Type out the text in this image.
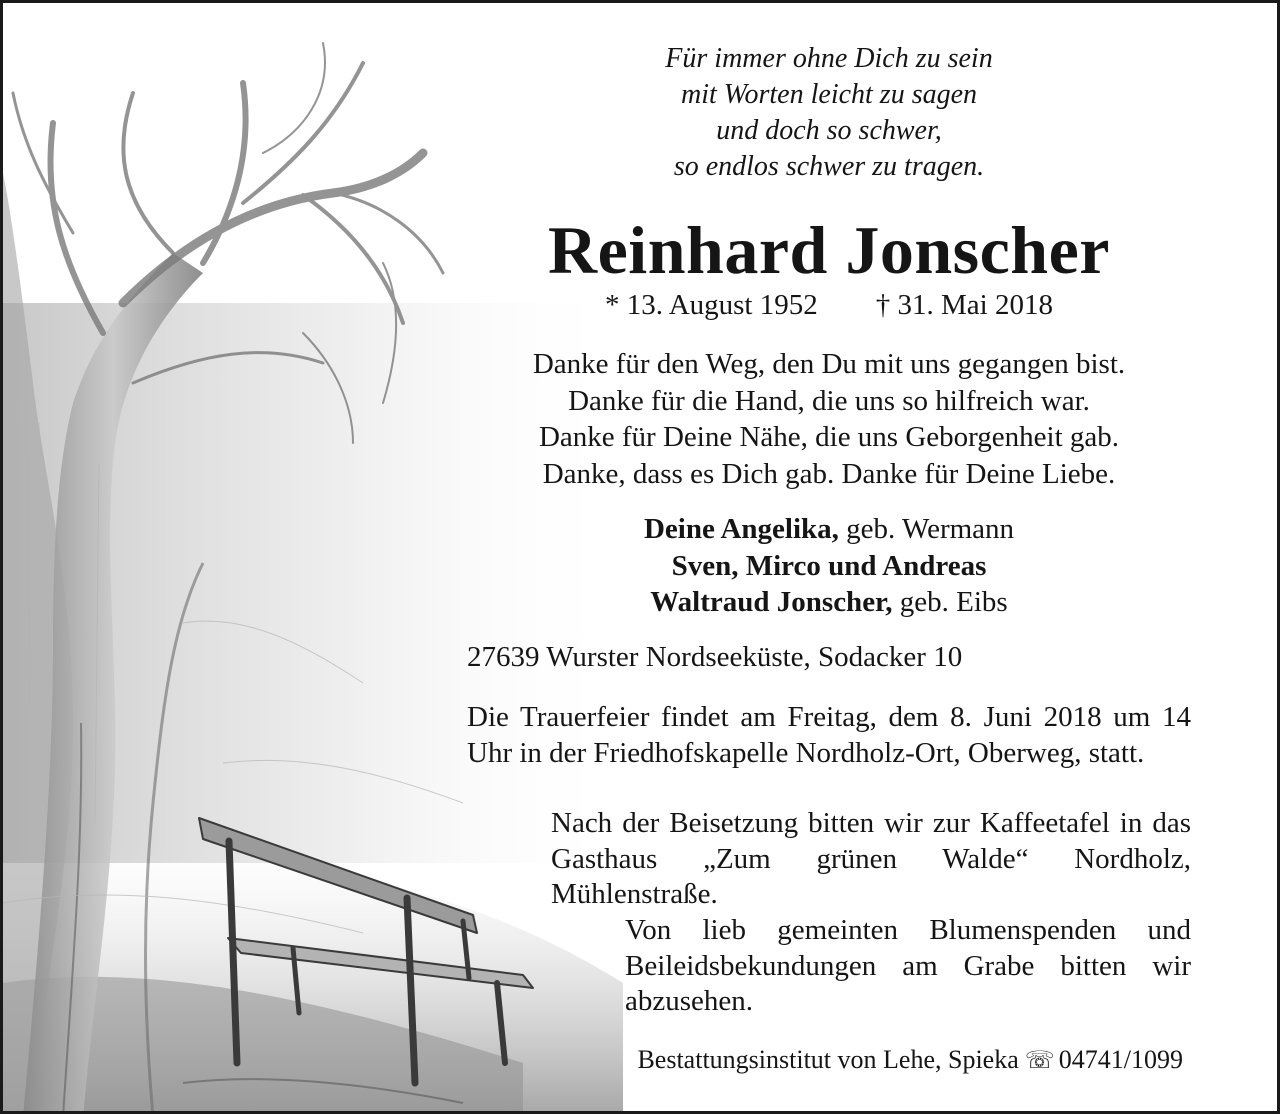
Für immer ohne Dich zu sein
mit Worten leicht zu sagen
und doch so schwer,
so endlos schwer zu tragen.
Reinhard Jonscher
* 13. August 1952 † 31. Mai 2018
Danke für den Weg, den Du mit uns gegangen bist.
Danke für die Hand, die uns so hilfreich war.
Danke für Deine Nähe, die uns Geborgenheit gab.
Danke, dass es Dich gab. Danke für Deine Liebe.
Deine Angelika, geb. Wermann
Sven, Mirco und Andreas
Waltraud Jonscher, geb. Eibs
27639 Wurster Nordseeküste, Sodacker 10
Die Trauerfeier findet am Freitag, dem 8. Juni 2018 um 14 Uhr in der Friedhofskapelle Nordholz-Ort, Oberweg, statt.
Nach der Beisetzung bitten wir zur Kaffeetafel in das Gasthaus „Zum grünen Walde“ Nordholz, Mühlenstraße.
Von lieb gemeinten Blumenspenden und Beileidsbekundungen am Grabe bitten wir abzusehen.
Bestattungsinstitut von Lehe, Spieka ☏ 04741/1099
